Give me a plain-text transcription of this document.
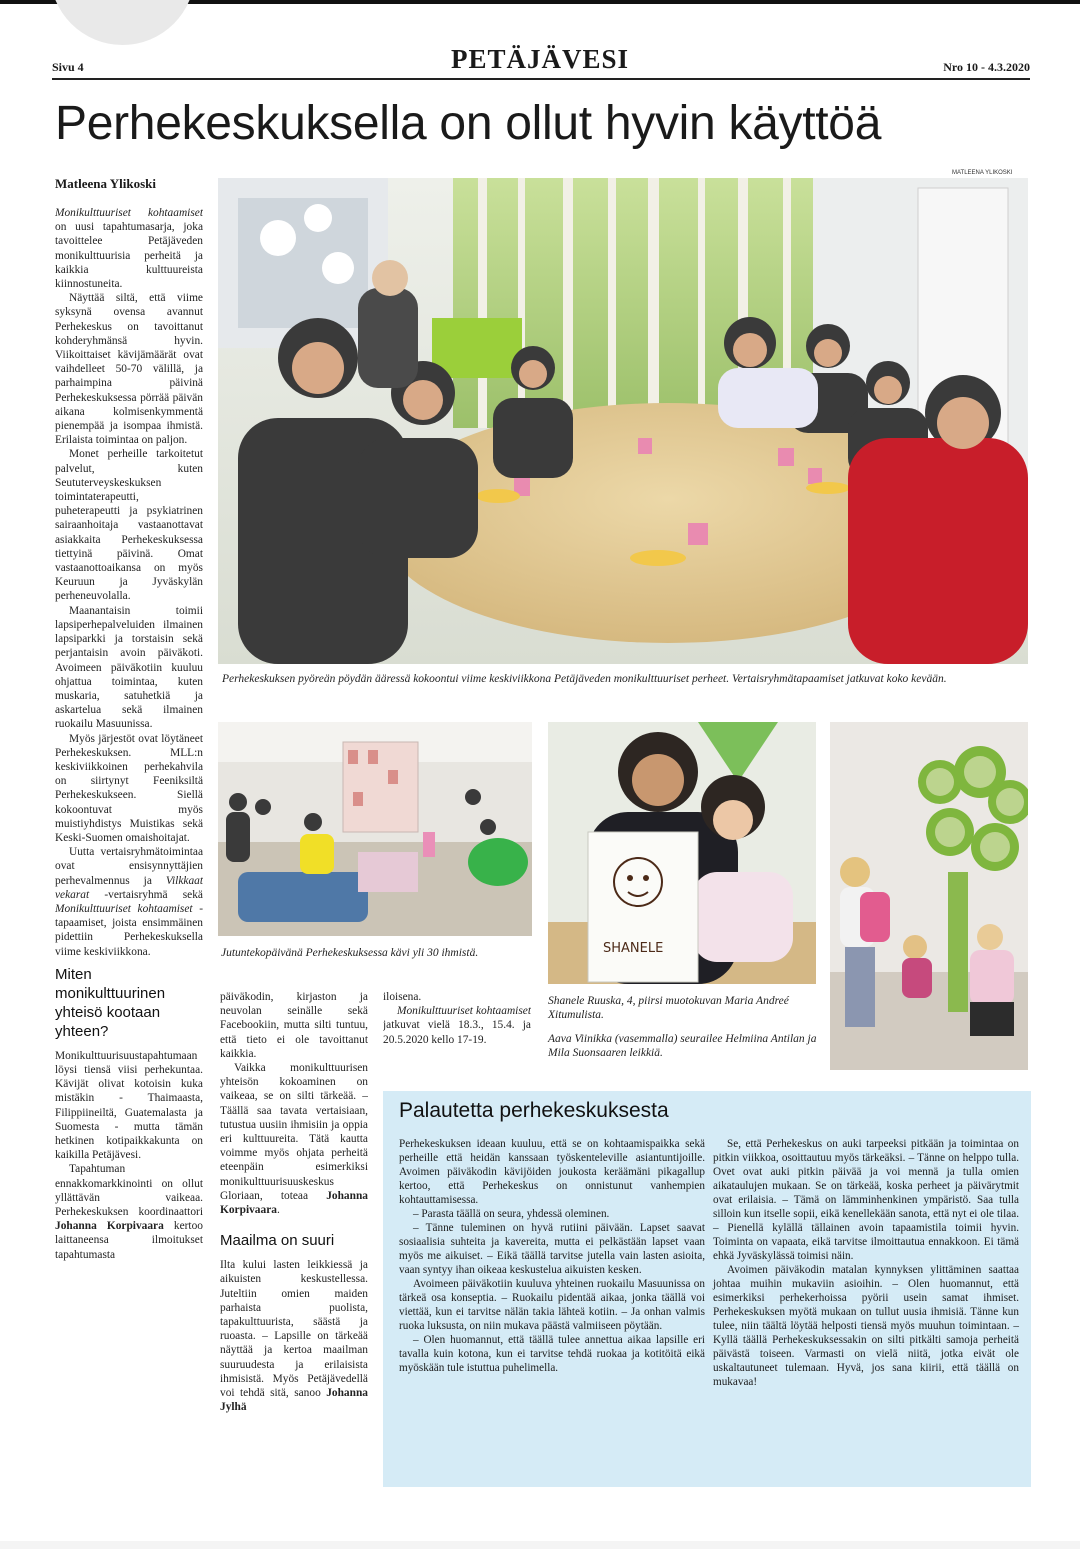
Sivu 4	PETÄJÄVESI	Nro 10 - 4.3.2020
Perhekeskuksella on ollut hyvin käyttöä
Matleena Ylikoski

Monikulttuuriset kohtaamiset on uusi tapahtumasarja, joka tavoittelee Petäjäveden monikulttuurisia perheitä ja kaikkia kulttuureista kiinnostuneita.

Näyttää siltä, että viime syksynä ovensa avannut Perhekeskus on tavoittanut kohderyhmänsä hyvin. Viikoittaiset kävijämäärät ovat vaihdelleet 50-70 välillä, ja parhaimpina päivinä Perhekeskuksessa pörrää päivän aikana kolmisenkymmentä pienempää ja isompaa ihmistä. Erilaista toimintaa on paljon.

Monet perheille tarkoitetut palvelut, kuten Seututerveyskeskuksen toimintaterapeutti, puheterapeutti ja psykiatrinen sairaanhoitaja vastaanottavat asiakkaita Perhekeskuksessa tiettyinä päivinä. Omat vastaanottoaikansa on myös Keuruun ja Jyväskylän perheneuvolalla.

Maanantaisin toimii lapsiperhepalveluiden ilmainen lapsiparkki ja torstaisin sekä perjantaisin avoin päiväkoti. Avoimeen päiväkotiin kuuluu ohjattua toimintaa, kuten muskaria, satuhetkiä ja askartelua sekä ilmainen ruokailu Masuunissa.

Myös järjestöt ovat löytäneet Perhekeskuksen. MLL:n keskiviikkoinen perhekahvila on siirtynyt Feeniksiltä Perhekeskukseen. Siellä kokoontuvat myös muistiyhdistys Muistikas sekä Keski-Suomen omaishoitajat.

Uutta vertaisryhmätoimintaa ovat ensisynnyttäjien perhevalmennus ja Vilkkaat vekarat -vertaisryhmä sekä Monikulttuuriset kohtaamiset -tapaamiset, joista ensimmäinen pidettiin Perhekeskuksella viime keskiviikkona.

Miten monikulttuurinen yhteisö kootaan yhteen?

Monikulttuurisuustapahtumaan löysi tiensä viisi perhekuntaa. Kävijät olivat kotoisin kuka mistäkin - Thaimaasta, Filippiineiltä, Guatemalasta ja Suomesta - mutta tämän hetkinen kotipaikkakunta on kaikilla Petäjävesi.

Tapahtuman ennakkomarkkinointi on ollut yllättävän vaikeaa. Perhekeskuksen koordinaattori Johanna Korpivaara kertoo laittaneensa ilmoitukset tapahtumasta

MATLEENA YLIKOSKI
Perhekeskuksen pyöreän pöydän ääressä kokoontui viime keskiviikkona Petäjäveden monikulttuuriset perheet. Vertaisryhmätapaamiset jatkuvat koko kevään.
Jutuntekopäivänä Perhekeskuksessa kävi yli 30 ihmistä.	SHANELE
Shanele Ruuska, 4, piirsi muotokuvan Maria Andreé Xitumulista.
Aava Viinikka (vasemmalla) seurailee Helmiina Antilan ja Mila Suonsaaren leikkiä.

päiväkodin, kirjaston ja neuvolan seinälle sekä Facebookiin, mutta silti tuntuu, että tieto ei ole tavoittanut kaikkia.

Vaikka monikulttuurisen yhteisön kokoaminen on vaikeaa, se on silti tärkeää. – Täällä saa tavata vertaisiaan, tutustua uusiin ihmisiin ja oppia eri kulttuureita. Tätä kautta voimme myös ohjata perheitä eteenpäin esimerkiksi monikulttuurisuuskeskus Gloriaan, toteaa Johanna Korpivaara.

Maailma on suuri

Ilta kului lasten leikkiessä ja aikuisten keskustellessa. Juteltiin omien maiden parhaista puolista, tapakulttuurista, säästä ja ruoasta. – Lapsille on tärkeää näyttää ja kertoa maailman suuruudesta ja erilaisista ihmisistä. Myös Petäjävedellä voi tehdä sitä, sanoo Johanna Jylhä

iloisena.

Monikulttuuriset kohtaamiset jatkuvat vielä 18.3., 15.4. ja 20.5.2020 kello 17-19.

Palautetta perhekeskuksesta

Perhekeskuksen ideaan kuuluu, että se on kohtaamispaikka sekä perheille että heidän kanssaan työskenteleville asiantuntijoille. Avoimen päiväkodin kävijöiden joukosta keräämäni pikagallup kertoo, että Perhekeskus on onnistunut vanhempien kohtauttamisessa.

– Parasta täällä on seura, yhdessä oleminen.

– Tänne tuleminen on hyvä rutiini päivään. Lapset saavat sosiaalisia suhteita ja kavereita, mutta ei pelkästään lapset vaan myös me aikuiset. – Eikä täällä tarvitse jutella vain lasten asioita, vaan syntyy ihan oikeaa keskustelua aikuisten kesken.

Avoimeen päiväkotiin kuuluva yhteinen ruokailu Masuunissa on tärkeä osa konseptia. – Ruokailu pidentää aikaa, jonka täällä voi viettää, kun ei tarvitse nälän takia lähteä kotiin. – Ja onhan valmis ruoka luksusta, on niin mukava päästä valmiiseen pöytään.

– Olen huomannut, että täällä tulee annettua aikaa lapsille eri tavalla kuin kotona, kun ei tarvitse tehdä ruokaa ja kotitöitä eikä myöskään tule istuttua puhelimella.

Se, että Perhekeskus on auki tarpeeksi pitkään ja toimintaa on pitkin viikkoa, osoittautuu myös tärkeäksi. – Tänne on helppo tulla. Ovet ovat auki pitkin päivää ja voi mennä ja tulla omien aikataulujen mukaan. Se on tärkeää, koska perheet ja päivärytmit ovat erilaisia. – Tämä on lämminhenkinen ympäristö. Saa tulla silloin kun itselle sopii, eikä kenellekään sanota, että nyt ei ole tilaa. – Pienellä kylällä tällainen avoin tapaamistila toimii hyvin. Toiminta on vapaata, eikä tarvitse ilmoittautua ennakkoon. Ei tämä ehkä Jyväskylässä toimisi näin.

Avoimen päiväkodin matalan kynnyksen ylittäminen saattaa johtaa muihin mukaviin asioihin. – Olen huomannut, että esimerkiksi perhekerhoissa pyörii usein samat ihmiset. Perhekeskuksen myötä mukaan on tullut uusia ihmisiä. Tänne kun tulee, niin täältä löytää helposti tiensä myös muuhun toimintaan. – Kyllä täällä Perhekeskuksessakin on silti pitkälti samoja perheitä päivästä toiseen. Varmasti on vielä niitä, jotka eivät ole uskaltautuneet tulemaan. Hyvä, jos sana kiirii, että täällä on mukavaa!
